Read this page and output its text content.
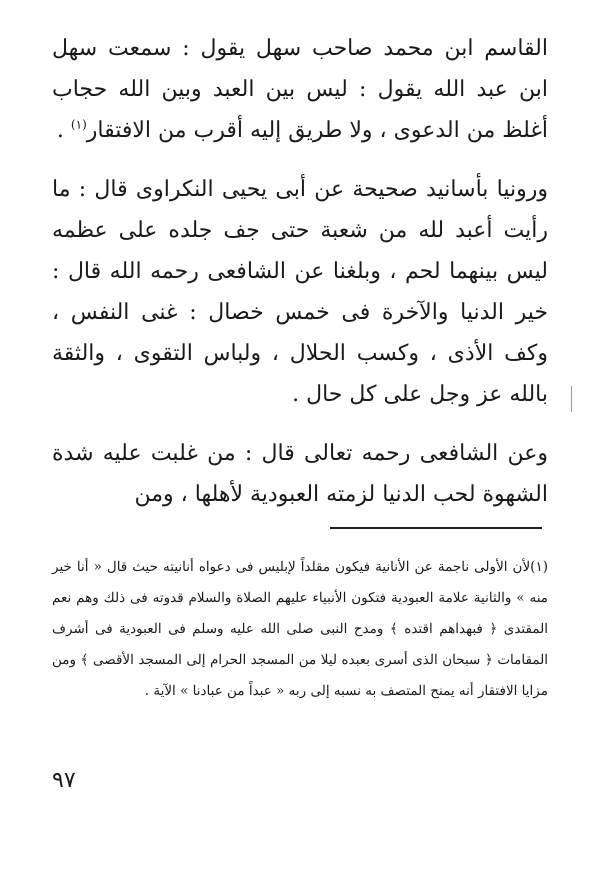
القاسم ابن محمد صاحب سهل يقول : سمعت سهل ابن عبد الله يقول : ليس بين العبد وبين الله حجاب أغلظ من الدعوى ، ولا طريق إليه أقرب من الافتقار$^{(١)}$ .

ورونيا بأسانيد صحيحة عن أبى يحيى النكراوى قال : ما رأيت أعبد لله من شعبة حتى جف جلده على عظمه ليس بينهما لحم ، وبلغنا عن الشافعى رحمه الله قال : خير الدنيا والآخرة فى خمس خصال : غنى النفس ، وكف الأذى ، وكسب الحلال ، ولباس التقوى ، والثقة بالله عز وجل على كل حال .

وعن الشافعى رحمه تعالى قال : من غلبت عليه شدة الشهوة لحب الدنيا لزمته العبودية لأهلها ، ومن

(١)لأن الأولى ناجمة عن الأنانية فيكون مقلداً لإبليس فى دعواه أنانيته حيث قال « أنا خير منه » والثانية علامة العبودية فتكون الأنبياء عليهم الصلاة والسلام قدوته فى ذلك وهم نعم المقتدى ﴿ فبهداهم اقتده ﴾ ومدح النبى صلى الله عليه وسلم فى العبودية فى أشرف المقامات ﴿ سبحان الذى أسرى بعبده ليلا من المسجد الحرام إلى المسجد الأقصى ﴾ ومن مزايا الافتقار أنه يمنح المتصف به نسبه إلى ربه « عبداً من عبادنا » الآية .

٩٧
